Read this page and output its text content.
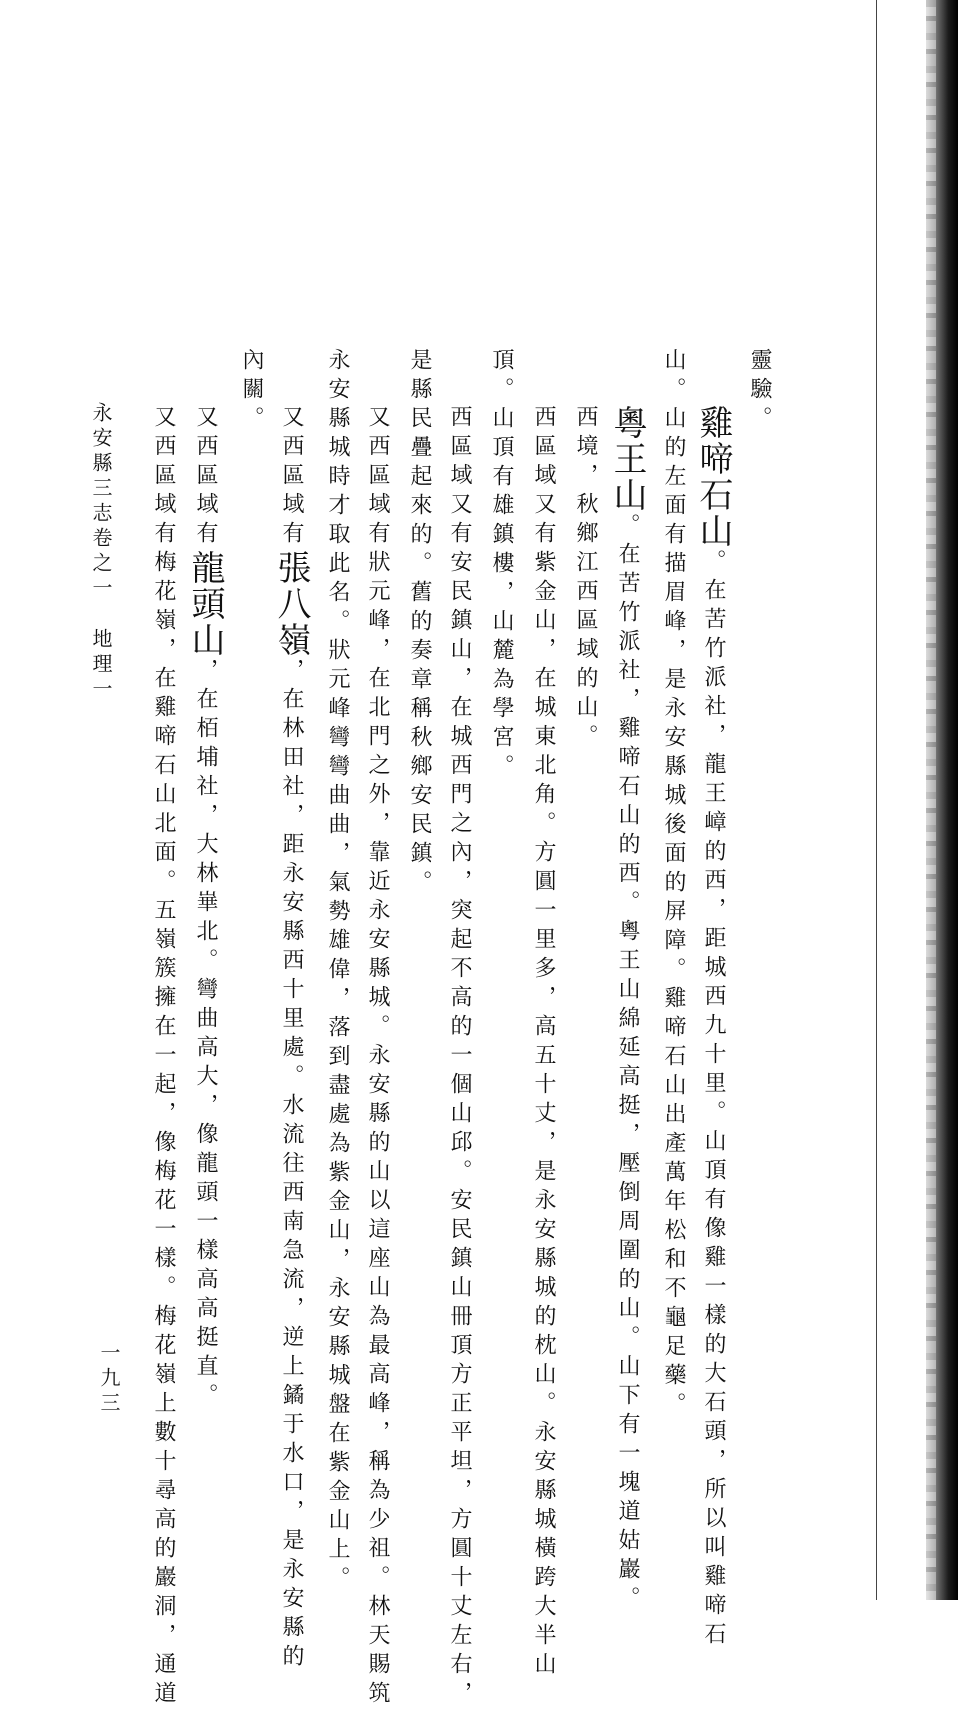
靈驗。
雞啼石山。在苦竹派社，龍王嶂的西，距城西九十里。山頂有像雞一樣的大石頭，所以叫雞啼石
山。山的左面有描眉峰，是永安縣城後面的屏障。雞啼石山出產萬年松和不龜足藥。
粵王山。在苦竹派社，雞啼石山的西。粵王山綿延高挺，壓倒周圍的山。山下有一塊道姑巖。
西境，秋鄉江西區域的山。
西區域又有紫金山，在城東北角。方圓一里多，高五十丈，是永安縣城的枕山。永安縣城橫跨大半山
頂。山頂有雄鎮樓，山麓為學宮。
西區域又有安民鎮山，在城西門之內，突起不高的一個山邱。安民鎮山冊頂方正平坦，方圓十丈左右，
是縣民疊起來的。舊的奏章稱秋鄉安民鎮。
又西區域有狀元峰，在北門之外，靠近永安縣城。永安縣的山以這座山為最高峰，稱為少祖。林天賜筑
永安縣城時才取此名。狀元峰彎彎曲曲，氣勢雄偉，落到盡處為紫金山，永安縣城盤在紫金山上。
又西區域有張八嶺，在林田社，距永安縣西十里處。水流往西南急流，逆上鐍于水口，是永安縣的
內關。
又西區域有龍頭山，在栢埔社，大林崋北。彎曲高大，像龍頭一樣高高挺直。
又西區域有梅花嶺，在雞啼石山北面。五嶺簇擁在一起，像梅花一樣。梅花嶺上數十尋高的巖洞，通道
永安縣三志卷之一地理一
一九三
